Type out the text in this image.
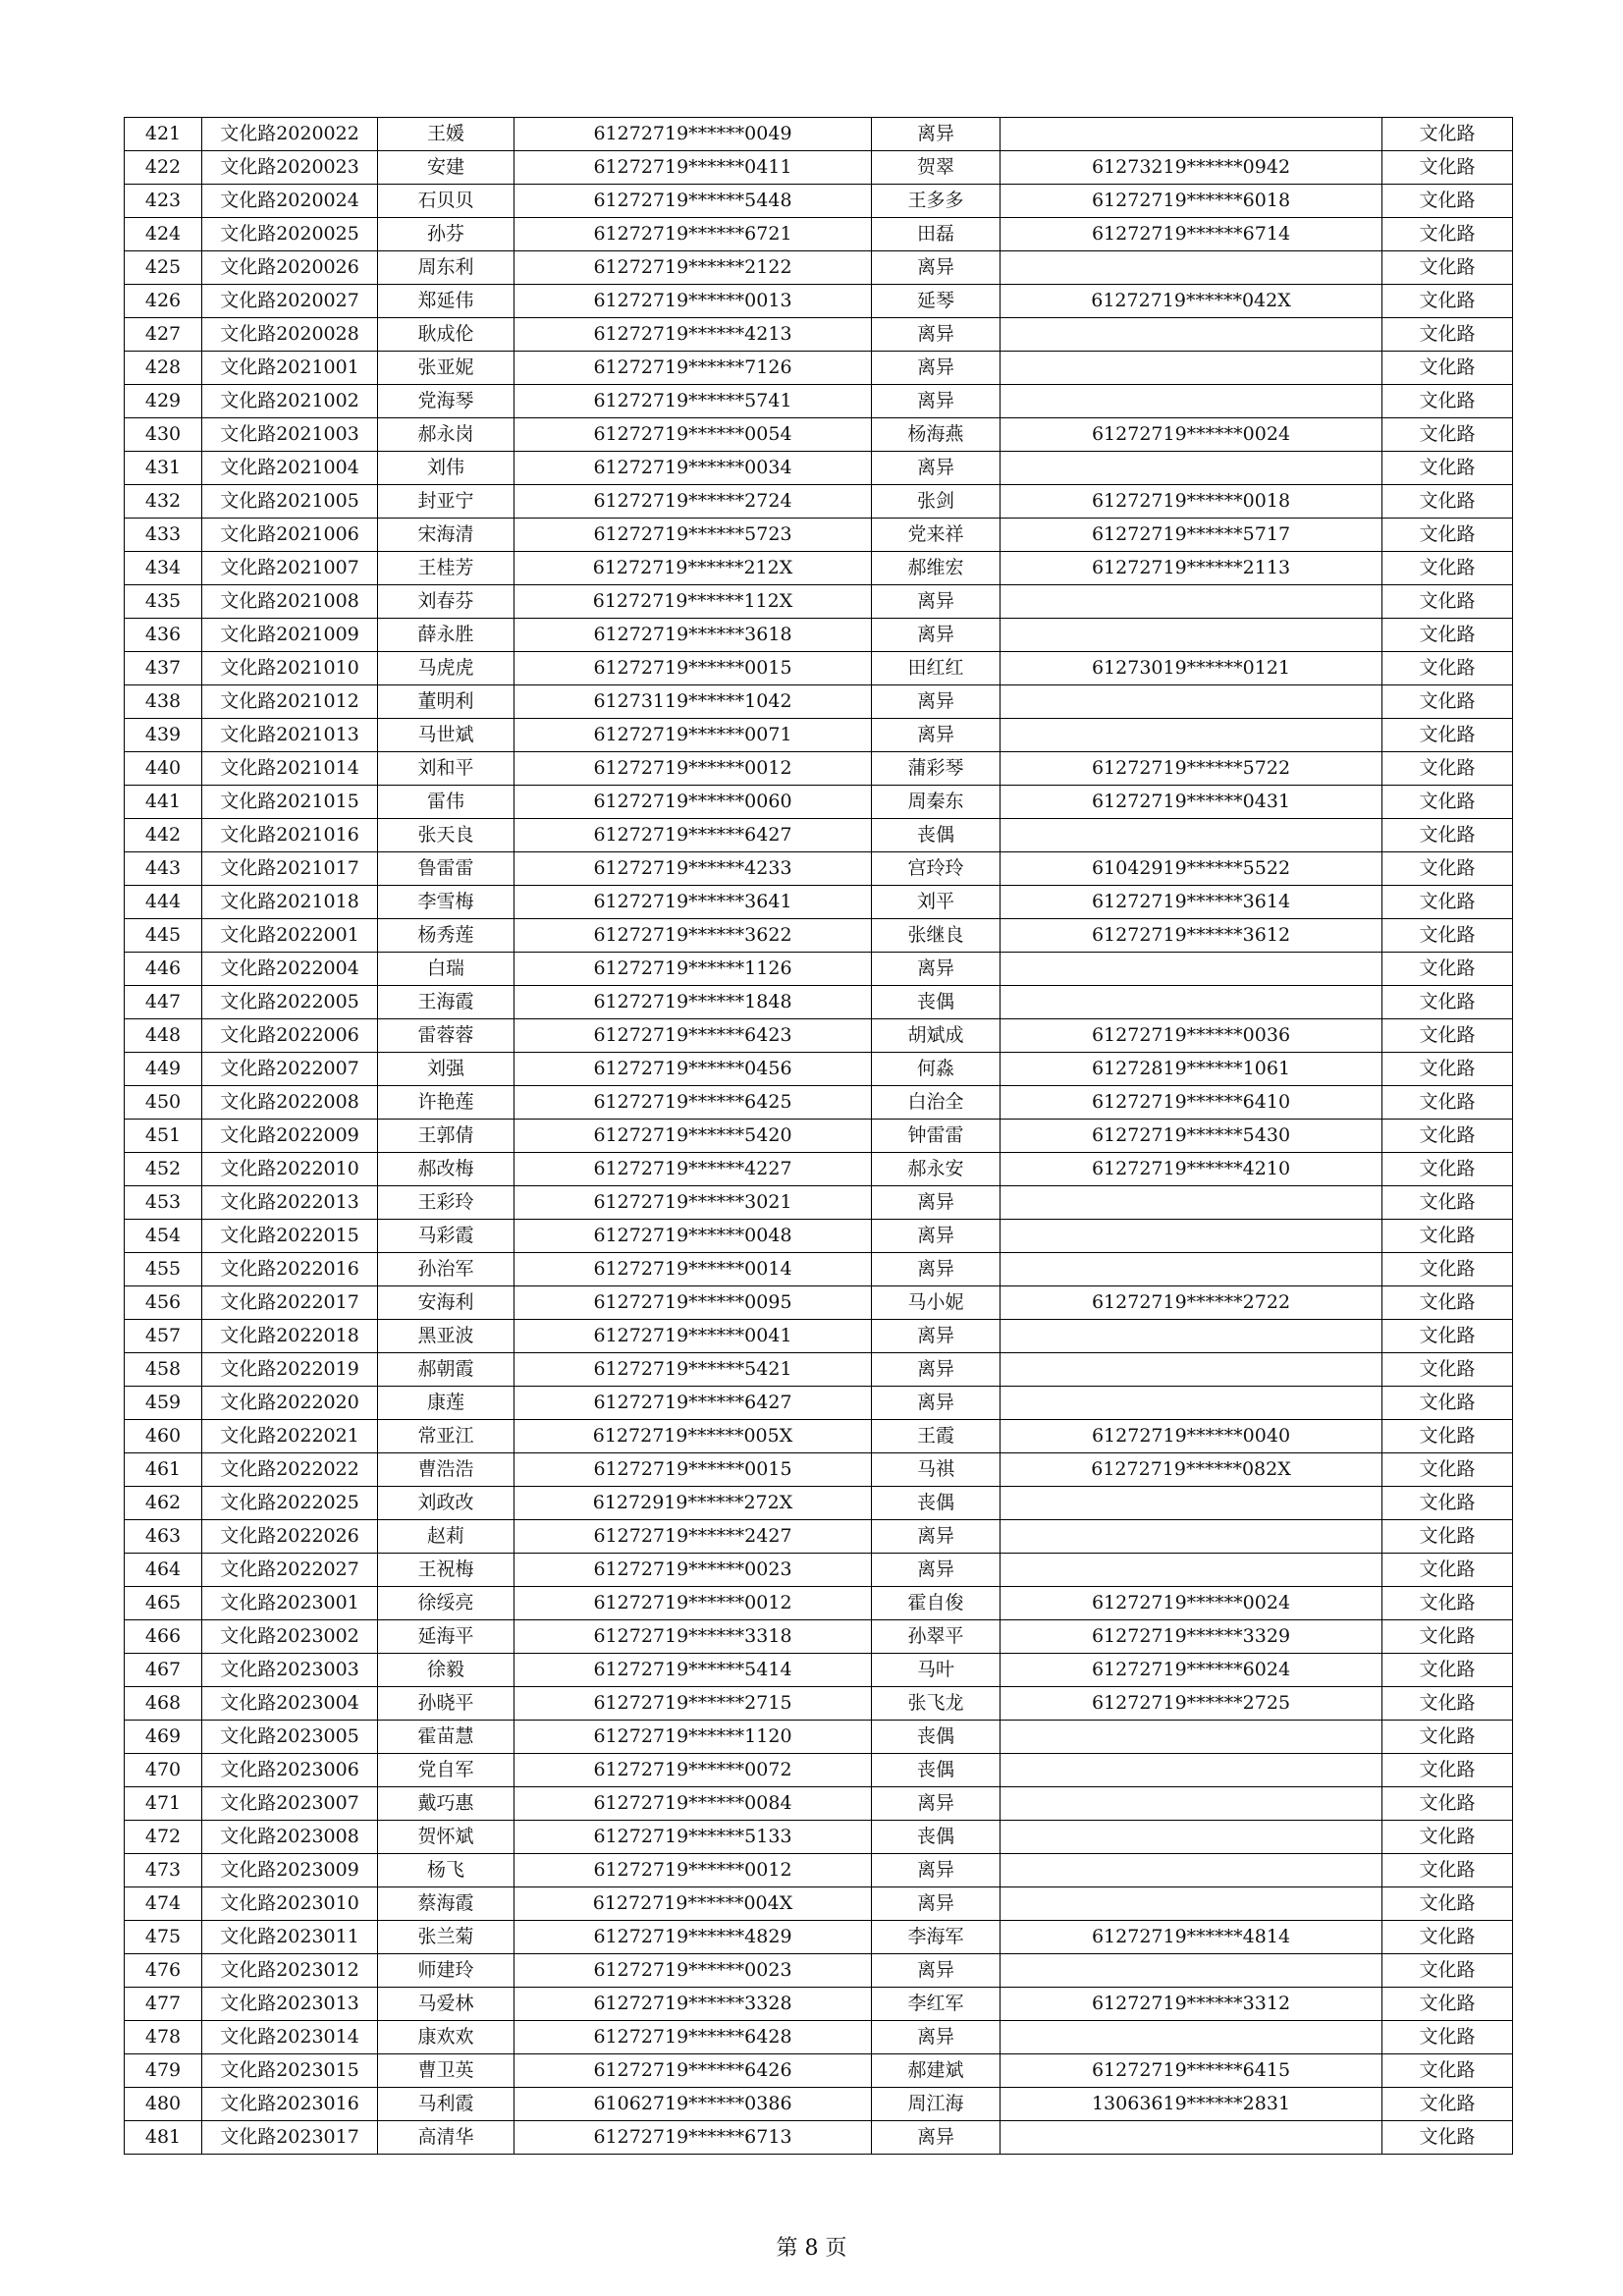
421	文化路2020022	王媛	61272719******0049	离异		文化路
422	文化路2020023	安建	61272719******0411	贺翠	61273219******0942	文化路
423	文化路2020024	石贝贝	61272719******5448	王多多	61272719******6018	文化路
424	文化路2020025	孙芬	61272719******6721	田磊	61272719******6714	文化路
425	文化路2020026	周东利	61272719******2122	离异		文化路
426	文化路2020027	郑延伟	61272719******0013	延琴	61272719******042X	文化路
427	文化路2020028	耿成伦	61272719******4213	离异		文化路
428	文化路2021001	张亚妮	61272719******7126	离异		文化路
429	文化路2021002	党海琴	61272719******5741	离异		文化路
430	文化路2021003	郝永岗	61272719******0054	杨海燕	61272719******0024	文化路
431	文化路2021004	刘伟	61272719******0034	离异		文化路
432	文化路2021005	封亚宁	61272719******2724	张剑	61272719******0018	文化路
433	文化路2021006	宋海清	61272719******5723	党来祥	61272719******5717	文化路
434	文化路2021007	王桂芳	61272719******212X	郝维宏	61272719******2113	文化路
435	文化路2021008	刘春芬	61272719******112X	离异		文化路
436	文化路2021009	薛永胜	61272719******3618	离异		文化路
437	文化路2021010	马虎虎	61272719******0015	田红红	61273019******0121	文化路
438	文化路2021012	董明利	61273119******1042	离异		文化路
439	文化路2021013	马世斌	61272719******0071	离异		文化路
440	文化路2021014	刘和平	61272719******0012	蒲彩琴	61272719******5722	文化路
441	文化路2021015	雷伟	61272719******0060	周秦东	61272719******0431	文化路
442	文化路2021016	张天良	61272719******6427	丧偶		文化路
443	文化路2021017	鲁雷雷	61272719******4233	宫玲玲	61042919******5522	文化路
444	文化路2021018	李雪梅	61272719******3641	刘平	61272719******3614	文化路
445	文化路2022001	杨秀莲	61272719******3622	张继良	61272719******3612	文化路
446	文化路2022004	白瑞	61272719******1126	离异		文化路
447	文化路2022005	王海霞	61272719******1848	丧偶		文化路
448	文化路2022006	雷蓉蓉	61272719******6423	胡斌成	61272719******0036	文化路
449	文化路2022007	刘强	61272719******0456	何淼	61272819******1061	文化路
450	文化路2022008	许艳莲	61272719******6425	白治全	61272719******6410	文化路
451	文化路2022009	王郭倩	61272719******5420	钟雷雷	61272719******5430	文化路
452	文化路2022010	郝改梅	61272719******4227	郝永安	61272719******4210	文化路
453	文化路2022013	王彩玲	61272719******3021	离异		文化路
454	文化路2022015	马彩霞	61272719******0048	离异		文化路
455	文化路2022016	孙治军	61272719******0014	离异		文化路
456	文化路2022017	安海利	61272719******0095	马小妮	61272719******2722	文化路
457	文化路2022018	黑亚波	61272719******0041	离异		文化路
458	文化路2022019	郝朝霞	61272719******5421	离异		文化路
459	文化路2022020	康莲	61272719******6427	离异		文化路
460	文化路2022021	常亚江	61272719******005X	王霞	61272719******0040	文化路
461	文化路2022022	曹浩浩	61272719******0015	马祺	61272719******082X	文化路
462	文化路2022025	刘政改	61272919******272X	丧偶		文化路
463	文化路2022026	赵莉	61272719******2427	离异		文化路
464	文化路2022027	王祝梅	61272719******0023	离异		文化路
465	文化路2023001	徐绥亮	61272719******0012	霍自俊	61272719******0024	文化路
466	文化路2023002	延海平	61272719******3318	孙翠平	61272719******3329	文化路
467	文化路2023003	徐毅	61272719******5414	马叶	61272719******6024	文化路
468	文化路2023004	孙晓平	61272719******2715	张飞龙	61272719******2725	文化路
469	文化路2023005	霍苗慧	61272719******1120	丧偶		文化路
470	文化路2023006	党自军	61272719******0072	丧偶		文化路
471	文化路2023007	戴巧惠	61272719******0084	离异		文化路
472	文化路2023008	贺怀斌	61272719******5133	丧偶		文化路
473	文化路2023009	杨飞	61272719******0012	离异		文化路
474	文化路2023010	蔡海霞	61272719******004X	离异		文化路
475	文化路2023011	张兰菊	61272719******4829	李海军	61272719******4814	文化路
476	文化路2023012	师建玲	61272719******0023	离异		文化路
477	文化路2023013	马爱林	61272719******3328	李红军	61272719******3312	文化路
478	文化路2023014	康欢欢	61272719******6428	离异		文化路
479	文化路2023015	曹卫英	61272719******6426	郝建斌	61272719******6415	文化路
480	文化路2023016	马利霞	61062719******0386	周江海	13063619******2831	文化路
481	文化路2023017	高清华	61272719******6713	离异		文化路
第 8 页
